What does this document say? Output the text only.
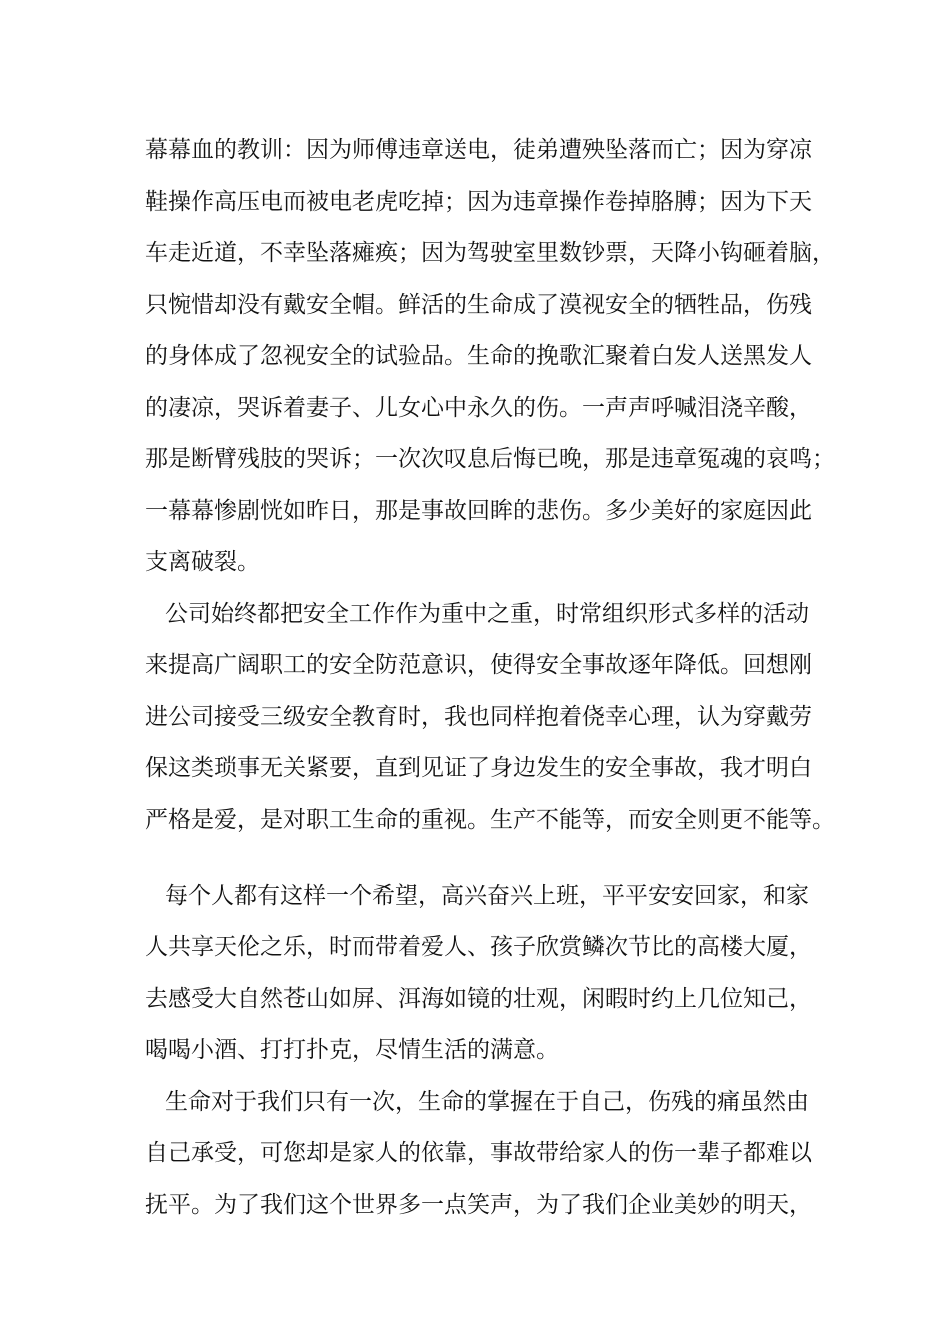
幕幕血的教训：因为师傅违章送电，徒弟遭殃坠落而亡；因为穿凉
鞋操作高压电而被电老虎吃掉；因为违章操作卷掉胳膊；因为下天
车走近道，不幸坠落瘫痪；因为驾驶室里数钞票，天降小钩砸着脑，
只惋惜却没有戴安全帽。鲜活的生命成了漠视安全的牺牲品，伤残
的身体成了忽视安全的试验品。生命的挽歌汇聚着白发人送黑发人
的凄凉，哭诉着妻子、儿女心中永久的伤。一声声呼喊泪浇辛酸，
那是断臂残肢的哭诉；一次次叹息后悔已晚，那是违章冤魂的哀鸣；
一幕幕惨剧恍如昨日，那是事故回眸的悲伤。多少美好的家庭因此
支离破裂。
公司始终都把安全工作作为重中之重，时常组织形式多样的活动
来提高广阔职工的安全防范意识，使得安全事故逐年降低。回想刚
进公司接受三级安全教育时，我也同样抱着侥幸心理，认为穿戴劳
保这类琐事无关紧要，直到见证了身边发生的安全事故，我才明白
严格是爱，是对职工生命的重视。生产不能等，而安全则更不能等。
每个人都有这样一个希望，高兴奋兴上班，平平安安回家，和家
人共享天伦之乐，时而带着爱人、孩子欣赏鳞次节比的高楼大厦，
去感受大自然苍山如屏、洱海如镜的壮观，闲暇时约上几位知己，
喝喝小酒、打打扑克，尽情生活的满意。
生命对于我们只有一次，生命的掌握在于自己，伤残的痛虽然由
自己承受，可您却是家人的依靠，事故带给家人的伤一辈子都难以
抚平。为了我们这个世界多一点笑声，为了我们企业美妙的明天，
